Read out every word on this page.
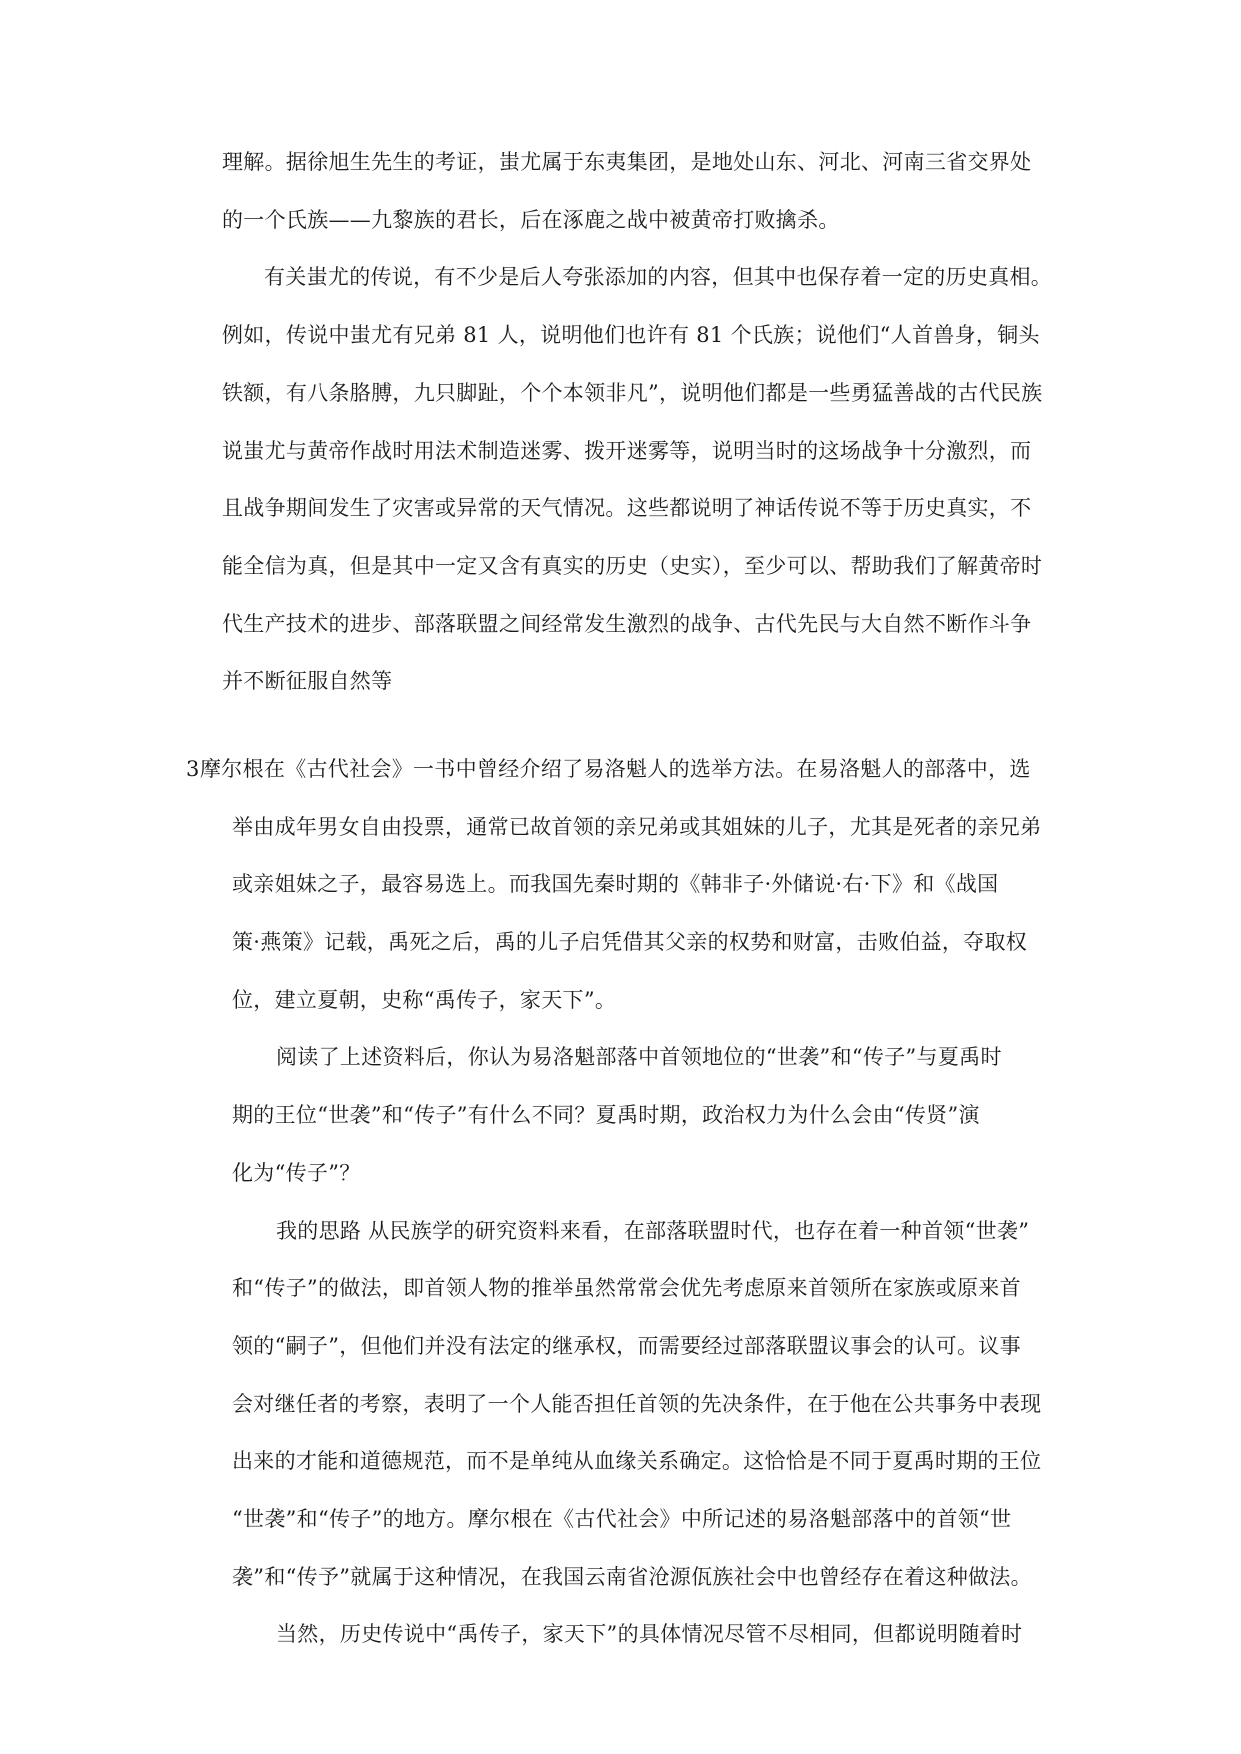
理解。据徐旭生先生的考证，蚩尤属于东夷集团，是地处山东、河北、河南三省交界处
的一个氏族——九黎族的君长，后在涿鹿之战中被黄帝打败擒杀。
有关蚩尤的传说，有不少是后人夸张添加的内容，但其中也保存着一定的历史真相。
例如，传说中蚩尤有兄弟 81 人，说明他们也许有 81 个氏族；说他们“人首兽身，铜头
铁额，有八条胳膊，九只脚趾，个个本领非凡”，说明他们都是一些勇猛善战的古代民族
说蚩尤与黄帝作战时用法术制造迷雾、拨开迷雾等，说明当时的这场战争十分激烈，而
且战争期间发生了灾害或异常的天气情况。这些都说明了神话传说不等于历史真实，不
能全信为真，但是其中一定又含有真实的历史（史实），至少可以、帮助我们了解黄帝时
代生产技术的进步、部落联盟之间经常发生激烈的战争、古代先民与大自然不断作斗争
并不断征服自然等
3 摩尔根在《古代社会》一书中曾经介绍了易洛魁人的选举方法。在易洛魁人的部落中，选
举由成年男女自由投票，通常已故首领的亲兄弟或其姐妹的儿子，尤其是死者的亲兄弟
或亲姐妹之子，最容易选上。而我国先秦时期的《韩非子·外储说·右·下》和《战国
策·燕策》记载，禹死之后，禹的儿子启凭借其父亲的权势和财富，击败伯益，夺取权
位，建立夏朝，史称“禹传子，家天下”。
阅读了上述资料后，你认为易洛魁部落中首领地位的“世袭”和“传子”与夏禹时
期的王位“世袭”和“传子”有什么不同？夏禹时期，政治权力为什么会由“传贤”演
化为“传子”？
我的思路 从民族学的研究资料来看，在部落联盟时代，也存在着一种首领“世袭”
和“传子”的做法，即首领人物的推举虽然常常会优先考虑原来首领所在家族或原来首
领的“嗣子”，但他们并没有法定的继承权，而需要经过部落联盟议事会的认可。议事
会对继任者的考察，表明了一个人能否担任首领的先决条件，在于他在公共事务中表现
出来的才能和道德规范，而不是单纯从血缘关系确定。这恰恰是不同于夏禹时期的王位
“世袭”和“传子”的地方。摩尔根在《古代社会》中所记述的易洛魁部落中的首领“世
袭”和“传予”就属于这种情况，在我国云南省沧源佤族社会中也曾经存在着这种做法。
当然，历史传说中“禹传子，家天下”的具体情况尽管不尽相同，但都说明随着时
